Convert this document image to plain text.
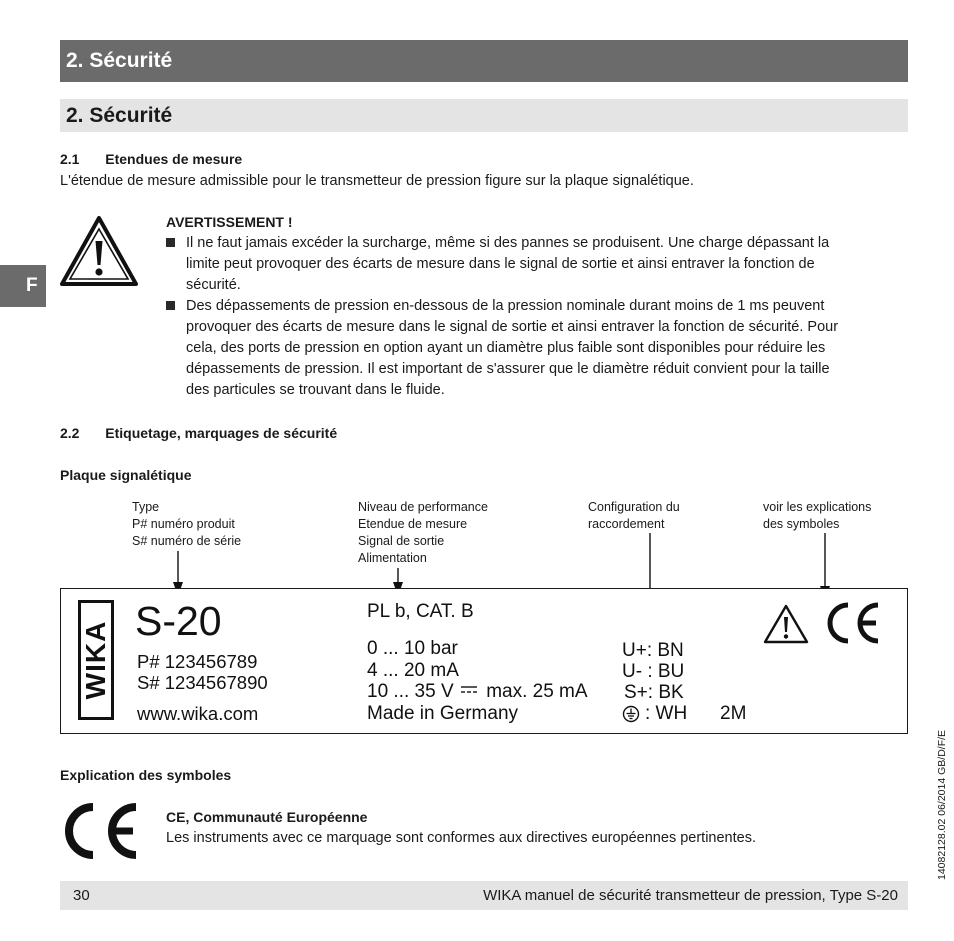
2. Sécurité
2. Sécurité
F
2.1 Etendues de mesure
L'étendue de mesure admissible pour le transmetteur de pression figure sur la plaque signalétique.
AVERTISSEMENT !
Il ne faut jamais excéder la surcharge, même si des pannes se produisent. Une charge dépassant la
limite peut provoquer des écarts de mesure dans le signal de sortie et ainsi entraver la fonction de
sécurité.
Des dépassements de pression en-dessous de la pression nominale durant moins de 1 ms peuvent
provoquer des écarts de mesure dans le signal de sortie et ainsi entraver la fonction de sécurité. Pour
cela, des ports de pression en option ayant un diamètre plus faible sont disponibles pour réduire les
dépassements de pression. Il est important de s'assurer que le diamètre réduit convient pour la taille
des particules se trouvant dans le fluide.
2.2 Etiquetage, marquages de sécurité
Plaque signalétique
Type
P# numéro produit
S# numéro de série
Niveau de performance
Etendue de mesure
Signal de sortie
Alimentation
Configuration du
raccordement
voir les explications
des symboles
WIKA S-20
P# 123456789
S# 1234567890
www.wika.com
PL b, CAT. B
0 ... 10 bar
4 ... 20 mA
10 ... 35 V max. 25 mA
Made in Germany
U+: BN
U- : BU
S+: BK
: WH 2M
Explication des symboles
CE, Communauté Européenne
Les instruments avec ce marquage sont conformes aux directives européennes pertinentes.
30	WIKA manuel de sécurité transmetteur de pression, Type S-20
14082128.02 06/2014 GB/D/F/E
